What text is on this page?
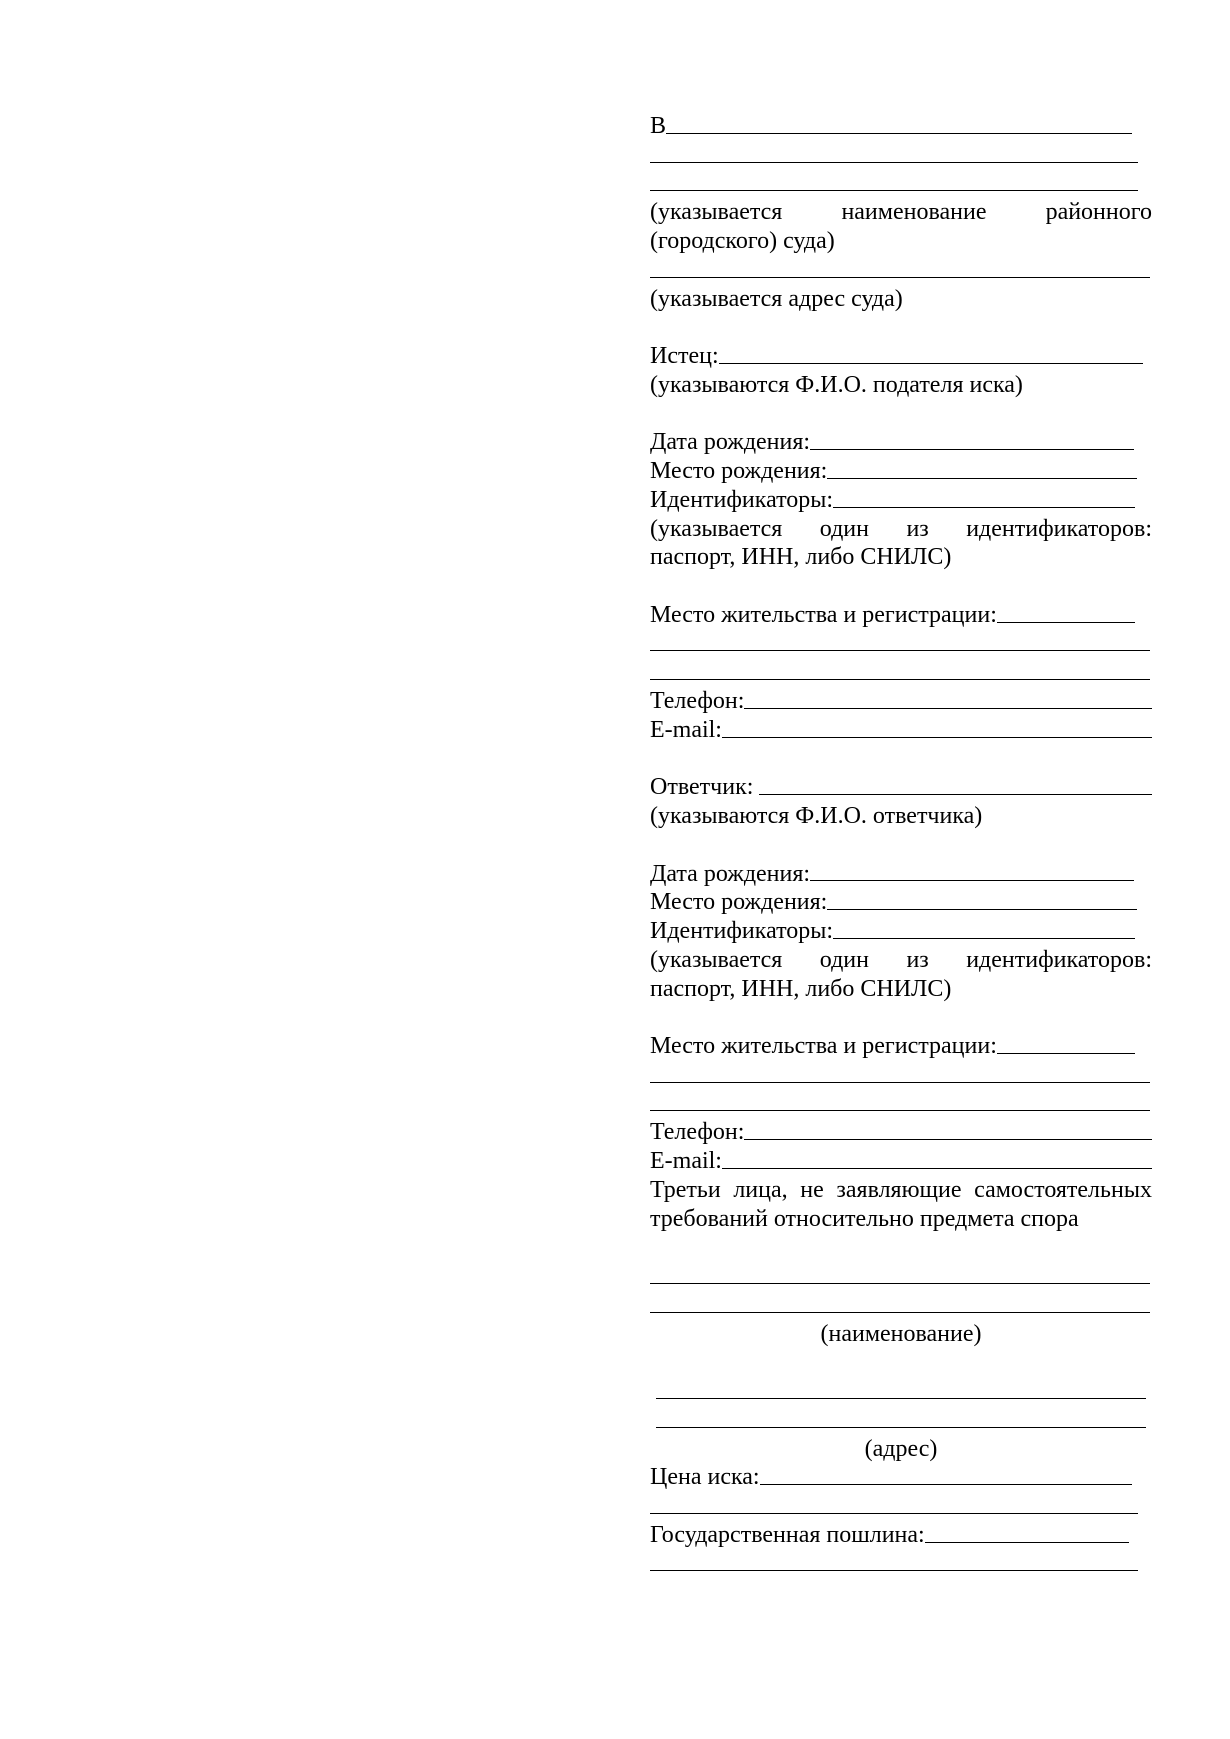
В
(указывается наименование районного
(городского) суда)
(указывается адрес суда)
Истец:
(указываются Ф.И.О. подателя иска)
Дата рождения:
Место рождения:
Идентификаторы:
(указывается один из идентификаторов:
паспорт, ИНН, либо СНИЛС)
Место жительства и регистрации:
Телефон:
E-mail:
Ответчик:
(указываются Ф.И.О. ответчика)
Дата рождения:
Место рождения:
Идентификаторы:
(указывается один из идентификаторов:
паспорт, ИНН, либо СНИЛС)
Место жительства и регистрации:
Телефон:
E-mail:
Третьи лица, не заявляющие самостоятельных
требований относительно предмета спора
(наименование)
(адрес)
Цена иска:
Государственная пошлина:
